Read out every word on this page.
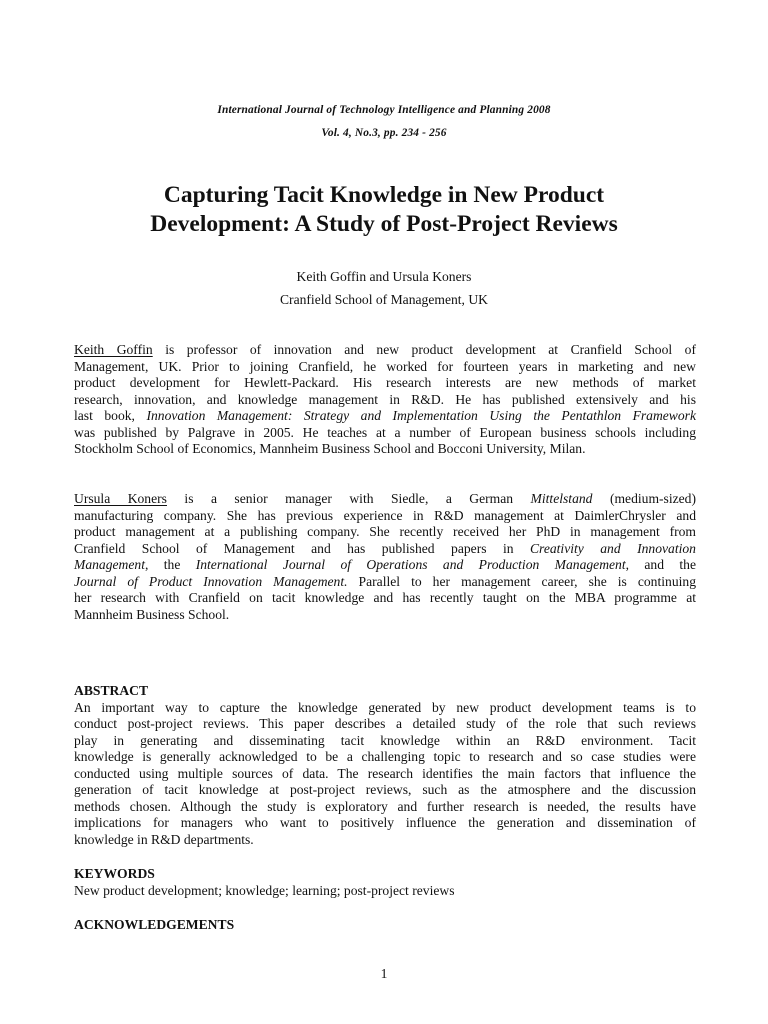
International Journal of Technology Intelligence and Planning 2008
Vol. 4, No.3, pp. 234 - 256
Capturing Tacit Knowledge in New Product
Development: A Study of Post-Project Reviews
Keith Goffin and Ursula Koners
Cranfield School of Management, UK
Keith Goffin is professor of innovation and new product development at Cranfield School of
Management, UK. Prior to joining Cranfield, he worked for fourteen years in marketing and new
product development for Hewlett-Packard. His research interests are new methods of market
research, innovation, and knowledge management in R&D. He has published extensively and his
last book, Innovation Management: Strategy and Implementation Using the Pentathlon Framework
was published by Palgrave in 2005. He teaches at a number of European business schools including
Stockholm School of Economics, Mannheim Business School and Bocconi University, Milan.
Ursula Koners is a senior manager with Siedle, a German Mittelstand (medium-sized)
manufacturing company. She has previous experience in R&D management at DaimlerChrysler and
product management at a publishing company. She recently received her PhD in management from
Cranfield School of Management and has published papers in Creativity and Innovation
Management, the International Journal of Operations and Production Management, and the
Journal of Product Innovation Management. Parallel to her management career, she is continuing
her research with Cranfield on tacit knowledge and has recently taught on the MBA programme at
Mannheim Business School.
ABSTRACT
An important way to capture the knowledge generated by new product development teams is to
conduct post-project reviews. This paper describes a detailed study of the role that such reviews
play in generating and disseminating tacit knowledge within an R&D environment. Tacit
knowledge is generally acknowledged to be a challenging topic to research and so case studies were
conducted using multiple sources of data. The research identifies the main factors that influence the
generation of tacit knowledge at post-project reviews, such as the atmosphere and the discussion
methods chosen. Although the study is exploratory and further research is needed, the results have
implications for managers who want to positively influence the generation and dissemination of
knowledge in R&D departments.
KEYWORDS
New product development; knowledge; learning; post-project reviews
ACKNOWLEDGEMENTS
1
